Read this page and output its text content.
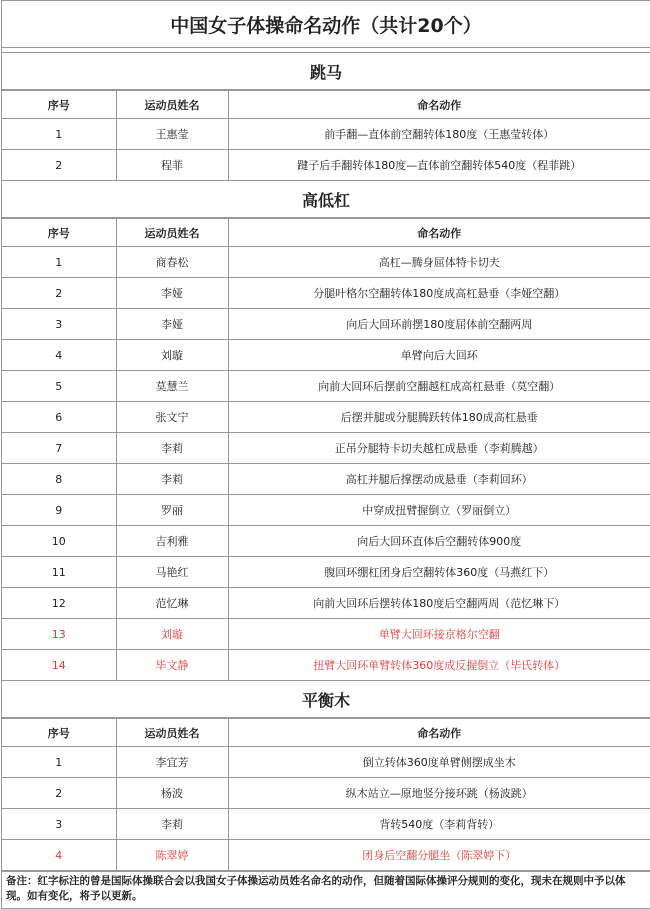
中国女子体操命名动作（共计20个）
跳马
序号	运动员姓名	命名动作
1	王惠莹	前手翻—直体前空翻转体180度（王惠莹转体）
2	程菲	踺子后手翻转体180度—直体前空翻转体540度（程菲跳）
高低杠
序号	运动员姓名	命名动作
1	商春松	高杠—腾身屈体特卡切夫
2	李娅	分腿叶格尔空翻转体180度成高杠悬垂（李娅空翻）
3	李娅	向后大回环前摆180度屈体前空翻两周
4	刘璇	单臂向后大回环
5	莫慧兰	向前大回环后摆前空翻越杠成高杠悬垂（莫空翻）
6	张文宁	后摆并腿或分腿腾跃转体180成高杠悬垂
7	李莉	正吊分腿特卡切夫越杠成悬垂（李莉腾越）
8	李莉	高杠并腿后撑摆动成悬垂（李莉回环）
9	罗丽	中穿成扭臂握倒立（罗丽倒立）
10	吉利雅	向后大回环直体后空翻转体900度
11	马艳红	腹回环绷杠团身后空翻转体360度（马燕红下）
12	范忆琳	向前大回环后摆转体180度后空翻两周（范忆琳下）
13	刘璇	单臂大回环接京格尔空翻
14	毕文静	扭臂大回环单臂转体360度成反握倒立（毕氏转体）
平衡木
序号	运动员姓名	命名动作
1	李宜芳	倒立转体360度单臂侧摆成坐木
2	杨波	纵木站立—原地竖分接环跳（杨波跳）
3	李莉	背转540度（李莉背转）
4	陈翠婷	团身后空翻分腿坐（陈翠婷下）
备注：红字标注的曾是国际体操联合会以我国女子体操运动员姓名命名的动作，但随着国际体操评分规则的变化，现未在规则中予以体现。如有变化，将予以更新。
